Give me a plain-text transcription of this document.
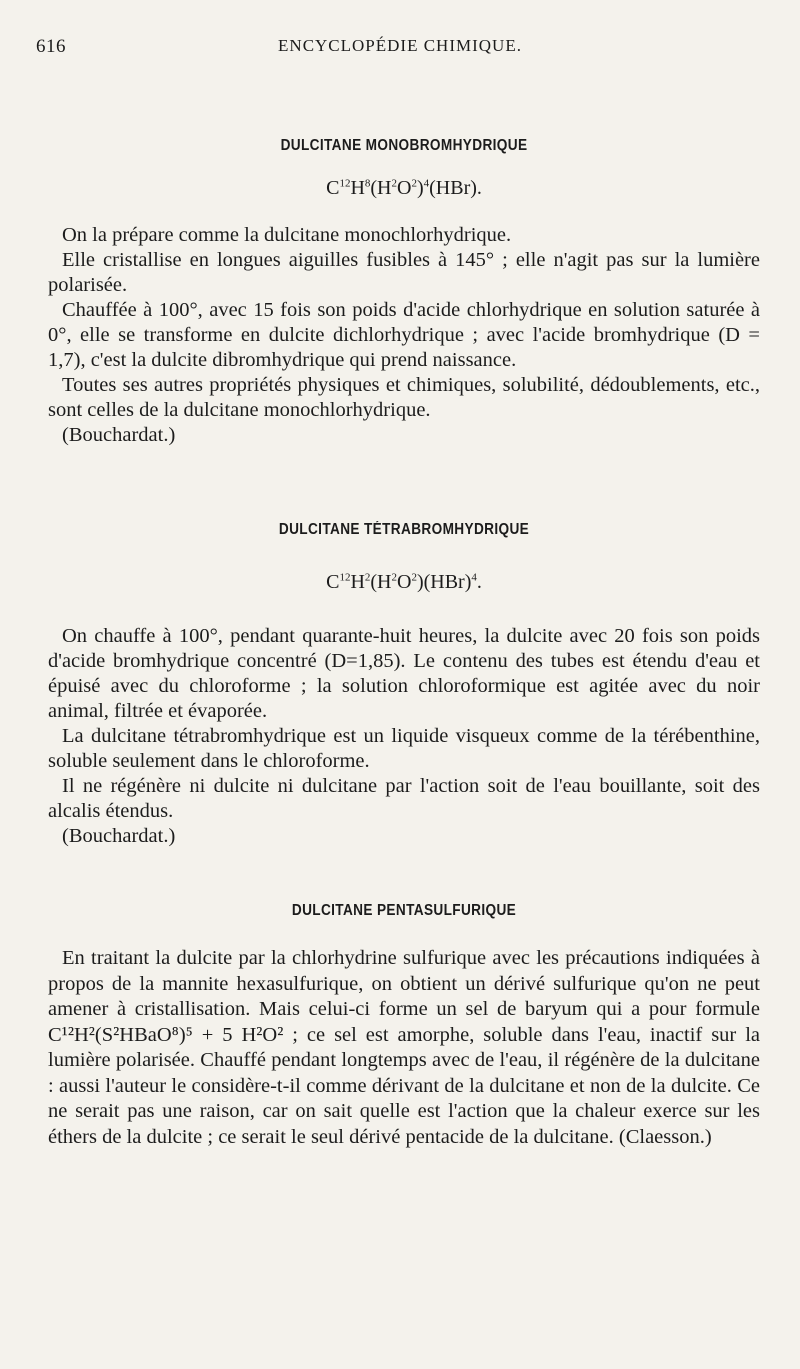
616	ENCYCLOPÉDIE CHIMIQUE.
DULCITANE MONOBROMHYDRIQUE
$C^{12}H^8(H^2O^2)^4(HBr)$.

On la prépare comme la dulcitane monochlorhydrique.

Elle cristallise en longues aiguilles fusibles à 145° ; elle n'agit pas sur la lumière polarisée.

Chauffée à 100°, avec 15 fois son poids d'acide chlorhydrique en solution saturée à 0°, elle se transforme en dulcite dichlorhydrique ; avec l'acide bromhydrique (D = 1,7), c'est la dulcite dibromhydrique qui prend naissance.

Toutes ses autres propriétés physiques et chimiques, solubilité, dédoublements, etc., sont celles de la dulcitane monochlorhydrique.

(Bouchardat.)

DULCITANE TÉTRABROMHYDRIQUE
$C^{12}H^2(H^2O^2)(HBr)^4$.

On chauffe à 100°, pendant quarante-huit heures, la dulcite avec 20 fois son poids d'acide bromhydrique concentré (D=1,85). Le contenu des tubes est étendu d'eau et épuisé avec du chloroforme ; la solution chloroformique est agitée avec du noir animal, filtrée et évaporée.

La dulcitane tétrabromhydrique est un liquide visqueux comme de la térébenthine, soluble seulement dans le chloroforme.

Il ne régénère ni dulcite ni dulcitane par l'action soit de l'eau bouillante, soit des alcalis étendus.

(Bouchardat.)

DULCITANE PENTASULFURIQUE

En traitant la dulcite par la chlorhydrine sulfurique avec les précautions indiquées à propos de la mannite hexasulfurique, on obtient un dérivé sulfurique qu'on ne peut amener à cristallisation. Mais celui-ci forme un sel de baryum qui a pour formule C¹²H²(S²HBaO⁸)⁵ + 5 H²O² ; ce sel est amorphe, soluble dans l'eau, inactif sur la lumière polarisée. Chauffé pendant longtemps avec de l'eau, il régénère de la dulcitane : aussi l'auteur le considère-t-il comme dérivant de la dulcitane et non de la dulcite. Ce ne serait pas une raison, car on sait quelle est l'action que la chaleur exerce sur les éthers de la dulcite ; ce serait le seul dérivé pentacide de la dulcitane. (Claesson.)
